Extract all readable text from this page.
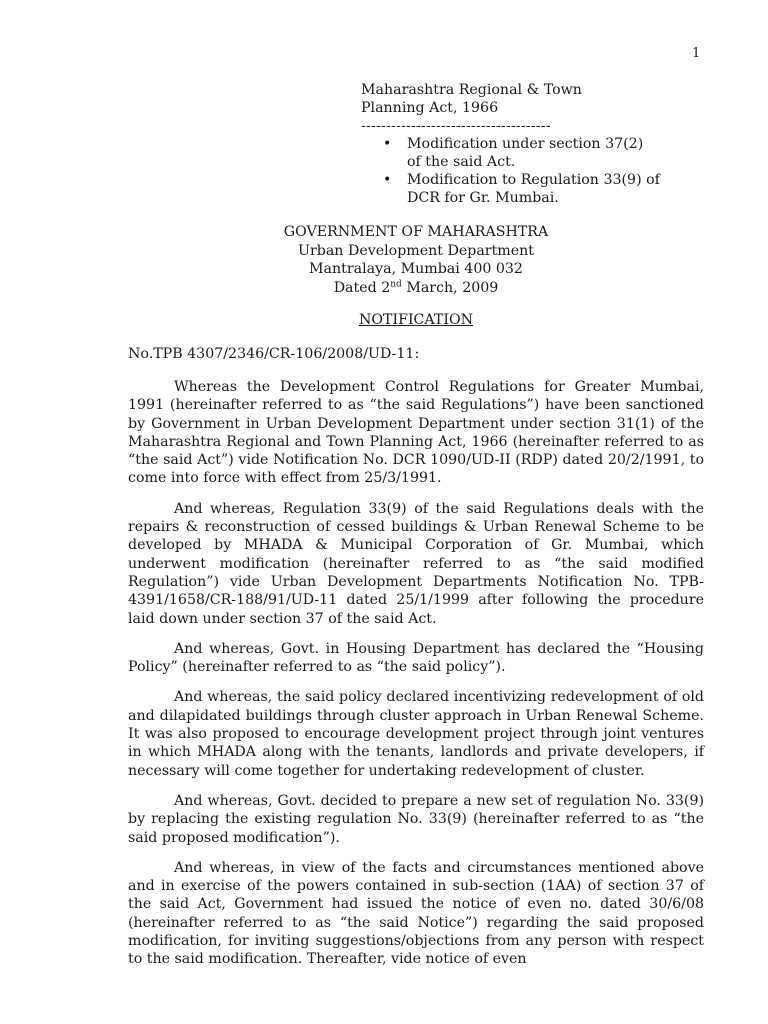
1
Maharashtra Regional & Town
Planning Act, 1966
--------------------------------------
• Modification under section 37(2)
of the said Act.
• Modification to Regulation 33(9) of
DCR for Gr. Mumbai.
GOVERNMENT OF MAHARASHTRA
Urban Development Department
Mantralaya, Mumbai 400 032
Dated 2nd March, 2009
NOTIFICATION
No.TPB 4307/2346/CR-106/2008/UD-11:

Whereas the Development Control Regulations for Greater Mumbai, 1991 (hereinafter referred to as “the said Regulations”) have been sanctioned by Government in Urban Development Department under section 31(1) of the Maharashtra Regional and Town Planning Act, 1966 (hereinafter referred to as “the said Act”) vide Notification No. DCR 1090/UD-II (RDP) dated 20/2/1991, to come into force with effect from 25/3/1991.

And whereas, Regulation 33(9) of the said Regulations deals with the repairs & reconstruction of cessed buildings & Urban Renewal Scheme to be developed by MHADA & Municipal Corporation of Gr. Mumbai, which underwent modification (hereinafter referred to as “the said modified Regulation”) vide Urban Development Departments Notification No. TPB-4391/1658/CR-188/91/UD-11 dated 25/1/1999 after following the procedure laid down under section 37 of the said Act.

And whereas, Govt. in Housing Department has declared the “Housing Policy” (hereinafter referred to as “the said policy”).

And whereas, the said policy declared incentivizing redevelopment of old and dilapidated buildings through cluster approach in Urban Renewal Scheme. It was also proposed to encourage development project through joint ventures in which MHADA along with the tenants, landlords and private developers, if necessary will come together for undertaking redevelopment of cluster.

And whereas, Govt. decided to prepare a new set of regulation No. 33(9) by replacing the existing regulation No. 33(9) (hereinafter referred to as “the said proposed modification”).

And whereas, in view of the facts and circumstances mentioned above and in exercise of the powers contained in sub-section (1AA) of section 37 of the said Act, Government had issued the notice of even no. dated 30/6/08 (hereinafter referred to as “the said Notice”) regarding the said proposed modification, for inviting suggestions/objections from any person with respect to the said modification. Thereafter, vide notice of even
